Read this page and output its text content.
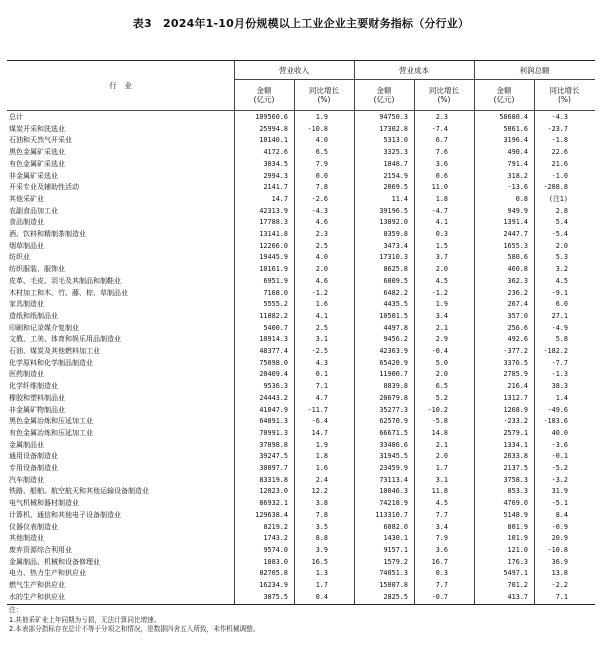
表3　2024年1-10月份规模以上工业企业主要财务指标（分行业）
行　业
营业收入	营业成本	利润总额
金额
(亿元)
同比增长
(%)
金额
(亿元)
同比增长
(%)
金额
(亿元)
同比增长
(%)
总计	109560.6	1.9	94750.3	2.3	58680.4	-4.3
煤炭开采和洗选业	25994.8	-10.8	17302.8	-7.4	5061.6	-23.7
石油和天然气开采业	10140.1	4.0	5313.0	6.7	3196.4	-1.8
黑色金属矿采选业	4172.6	6.5	3325.3	7.6	490.4	22.6
有色金属矿采选业	3034.5	7.9	1848.7	3.6	791.4	21.6
非金属矿采选业	2994.3	0.0	2154.9	0.6	318.2	-1.0
开采专业及辅助性活动	2141.7	7.8	2069.5	11.0	-13.6	-208.8
其他采矿业	14.7	-2.6	11.4	1.8	0.8	(注1)
农副食品加工业	42313.9	-4.3	39196.5	-4.7	949.9	2.8
食品制造业	17788.3	4.6	13892.0	4.1	1391.4	5.4
酒、饮料和精制茶制造业	13141.8	2.3	8359.8	0.3	2447.7	-5.4
烟草制品业	12266.0	2.5	3473.4	1.5	1655.3	2.0
纺织业	19445.9	4.0	17310.3	3.7	580.6	5.3
纺织服装、服饰业	10161.9	2.0	8625.8	2.0	460.8	3.2
皮革、毛皮、羽毛及其制品和制鞋业	6951.9	4.6	6009.5	4.5	362.3	4.5
木材加工和木、竹、藤、棕、草制品业	7168.0	-1.2	6482.2	-1.2	236.2	-9.1
家具制造业	5555.2	1.6	4435.5	1.9	267.4	6.0
造纸和纸制品业	11882.2	4.1	10501.5	3.4	357.0	27.1
印刷和记录媒介复制业	5400.7	2.5	4497.8	2.1	256.6	-4.9
文教、工美、体育和娱乐用品制造业	10914.3	3.1	9456.2	2.9	492.6	5.8
石油、煤炭及其他燃料加工业	48377.4	-2.5	42363.9	-0.4	-377.2	-182.2
化学原料和化学制品制造业	75098.0	4.3	65420.9	5.0	3376.5	-7.7
医药制造业	20409.4	0.1	11900.7	2.0	2785.9	-1.3
化学纤维制造业	9536.3	7.1	8839.8	6.5	216.4	38.3
橡胶和塑料制品业	24443.2	4.7	20679.8	5.2	1312.7	1.4
非金属矿物制品业	41047.9	-11.7	35277.3	-10.2	1268.9	-49.6
黑色金属冶炼和压延加工业	64891.3	-6.4	62570.9	-5.8	-233.2	-183.6
有色金属冶炼和压延加工业	70991.3	14.7	66671.5	14.8	2579.1	40.0
金属制品业	37898.8	1.9	33486.6	2.1	1334.1	-3.6
通用设备制造业	39247.5	1.8	31945.5	2.0	2633.8	-0.1
专用设备制造业	30097.7	1.6	23459.9	1.7	2137.5	-5.2
汽车制造业	83319.8	2.4	73113.4	3.1	3758.3	-3.2
铁路、船舶、航空航天和其他运输设备制造业	12023.0	12.2	10046.3	11.8	853.3	31.9
电气机械和器材制造业	86932.1	3.8	74218.9	4.5	4769.0	-5.1
计算机、通信和其他电子设备制造业	129638.4	7.8	113310.7	7.7	5148.9	8.4
仪器仪表制造业	8219.2	3.5	6082.0	3.4	801.9	-0.9
其他制造业	1743.2	8.8	1430.1	7.9	101.9	20.9
废弃资源综合利用业	9574.0	3.9	9157.1	3.6	121.0	-10.8
金属制品、机械和设备修理业	1883.0	16.5	1579.2	16.7	176.3	36.9
电力、热力生产和供应业	82705.8	1.3	74051.3	0.3	5497.1	13.8
燃气生产和供应业	16234.9	1.7	15007.8	7.7	701.2	-2.2
水的生产和供应业	3875.5	0.4	2825.5	-0.7	413.7	7.1
注：
1.其他采矿业上年同期为亏损，无法计算同比增速。
2.本表部分指标存在总计不等于分项之和情况，是数据四舍五入所致，未作机械调整。
